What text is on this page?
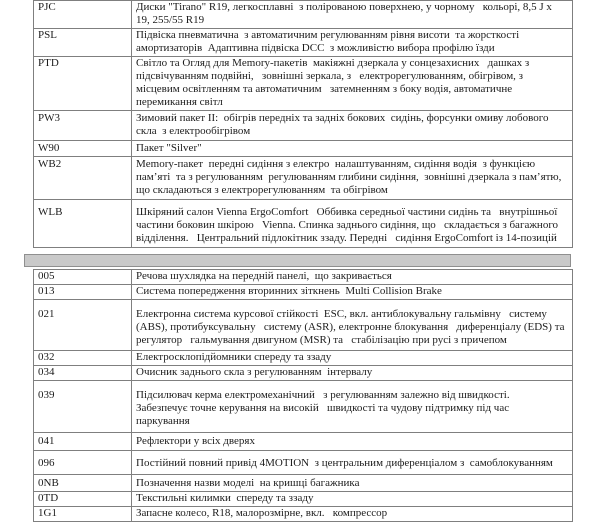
PJC	Диски "Tirano" R19, легкосплавні  з полірованою поверхнею, у чорному   кольорі, 8,5 J x 19, 255/55 R19
PSL	Підвіска пневматична  з автоматичним регулюванням рівня висоти  та жорсткості амортизаторів  Адаптивна підвіска DCC  з можливістю вибора профілю їзди
PTD	Світло та Огляд для Memory-пакетів  макіяжні дзеркала у сонцезахисних   дашках з підсвічуванням подвійні,   зовнішні зеркала, з   електрорегулюванням, обігрівом, з місцевим освітленням та автоматичним   затемненням з боку водія, автоматичне перемикання світл
PW3	Зимовий пакет ІІ:  обігрів передніх та задніх бокових  сидінь, форсунки омиву лобового скла  з електрообігрівом
W90	Пакет "Silver"
WB2	Memory-пакет  передні сидіння з електро  налаштуванням, сидіння водія  з функцією пам’яті  та з регулюванням  регулюванням глибини сидіння,  зовнішні дзеркала з пам’ятю,  що складаються з електрорегулюванням  та обігрівом
WLB	Шкіряний салон Vienna ErgoComfort   Оббивка середньої частини сидінь та   внутрішньої частини боковин шкірою   Vienna. Спинка заднього сидіння, що   складається з багажного відділення.   Центральний підлокітник ззаду. Передні   сидіння ErgoComfort із 14-позицій
005	Речова шухлядка на передній панелі,  що закривається
013	Система попередження вторинних зіткнень  Multi Collision Brake
021	Електронна система курсової стійкості  ESC, вкл. антиблокувальну гальмівну   систему (ABS), протибуксувальну   систему (ASR), електронне блокування   диференціалу (EDS) та регулятор   гальмування двигуном (MSR) та   стабілізацію при русі з причепом
032	Електросклопідйомники спереду та ззаду
034	Очисник заднього скла з регулюванням  інтервалу
039	Підсилювач керма електромеханічний   з регулюванням залежно від швидкості.   Забезпечує точне керування на високій   швидкості та чудову підтримку під час   паркування
041	Рефлектори у всіх дверях
096	Постійний повний привід 4MOTION  з центральним диференціалом з  самоблокуванням
0NB	Позначення назви моделі  на кришці багажника
0TD	Текстильні килимки  спереду та ззаду
1G1	Запасне колесо, R18, малорозмірне, вкл.   компрессор
